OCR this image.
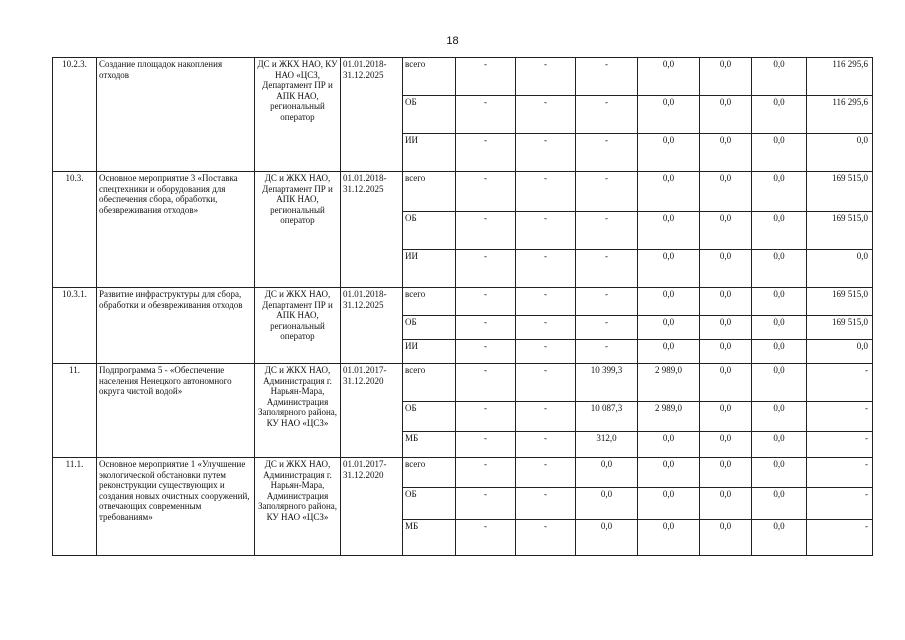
18
10.2.3.	Создание площадок накопления отходов	ДС и ЖКХ НАО, КУ НАО «ЦСЗ, Департамент ПР и АПК НАО, региональный оператор	01.01.2018-31.12.2025	всего	-	-	-	0,0	0,0	0,0	116 295,6
				ОБ	-	-	-	0,0	0,0	0,0	116 295,6
				ИИ	-	-	-	0,0	0,0	0,0	0,0
10.3.	Основное мероприятие 3 «Поставка спецтехники и оборудования для обеспечения сбора, обработки, обезвреживания отходов»	ДС и ЖКХ НАО, Департамент ПР и АПК НАО, региональный оператор	01.01.2018-31.12.2025	всего	-	-	-	0,0	0,0	0,0	169 515,0
				ОБ	-	-	-	0,0	0,0	0,0	169 515,0
				ИИ	-	-	-	0,0	0,0	0,0	0,0
10.3.1.	Развитие инфраструктуры для сбора, обработки и обезвреживания отходов	ДС и ЖКХ НАО, Департамент ПР и АПК НАО, региональный оператор	01.01.2018-31.12.2025	всего	-	-	-	0,0	0,0	0,0	169 515,0
				ОБ	-	-	-	0,0	0,0	0,0	169 515,0
				ИИ	-	-	-	0,0	0,0	0,0	0,0
11.	Подпрограмма 5 - «Обеспечение населения Ненецкого автономного округа чистой водой»	ДС и ЖКХ НАО, Администрация г. Нарьян-Мара, Администрация Заполярного района, КУ НАО «ЦСЗ»	01.01.2017-31.12.2020	всего	-	-	10 399,3	2 989,0	0,0	0,0	-
				ОБ	-	-	10 087,3	2 989,0	0,0	0,0	-
				МБ	-	-	312,0	0,0	0,0	0,0	-
11.1.	Основное мероприятие 1 «Улучшение экологической обстановки путем реконструкции существующих и создания новых очистных сооружений, отвечающих современным требованиям»	ДС и ЖКХ НАО, Администрация г. Нарьян-Мара, Администрация Заполярного района, КУ НАО «ЦСЗ»	01.01.2017-31.12.2020	всего	-	-	0,0	0,0	0,0	0,0	-
				ОБ	-	-	0,0	0,0	0,0	0,0	-
				МБ	-	-	0,0	0,0	0,0	0,0	-
